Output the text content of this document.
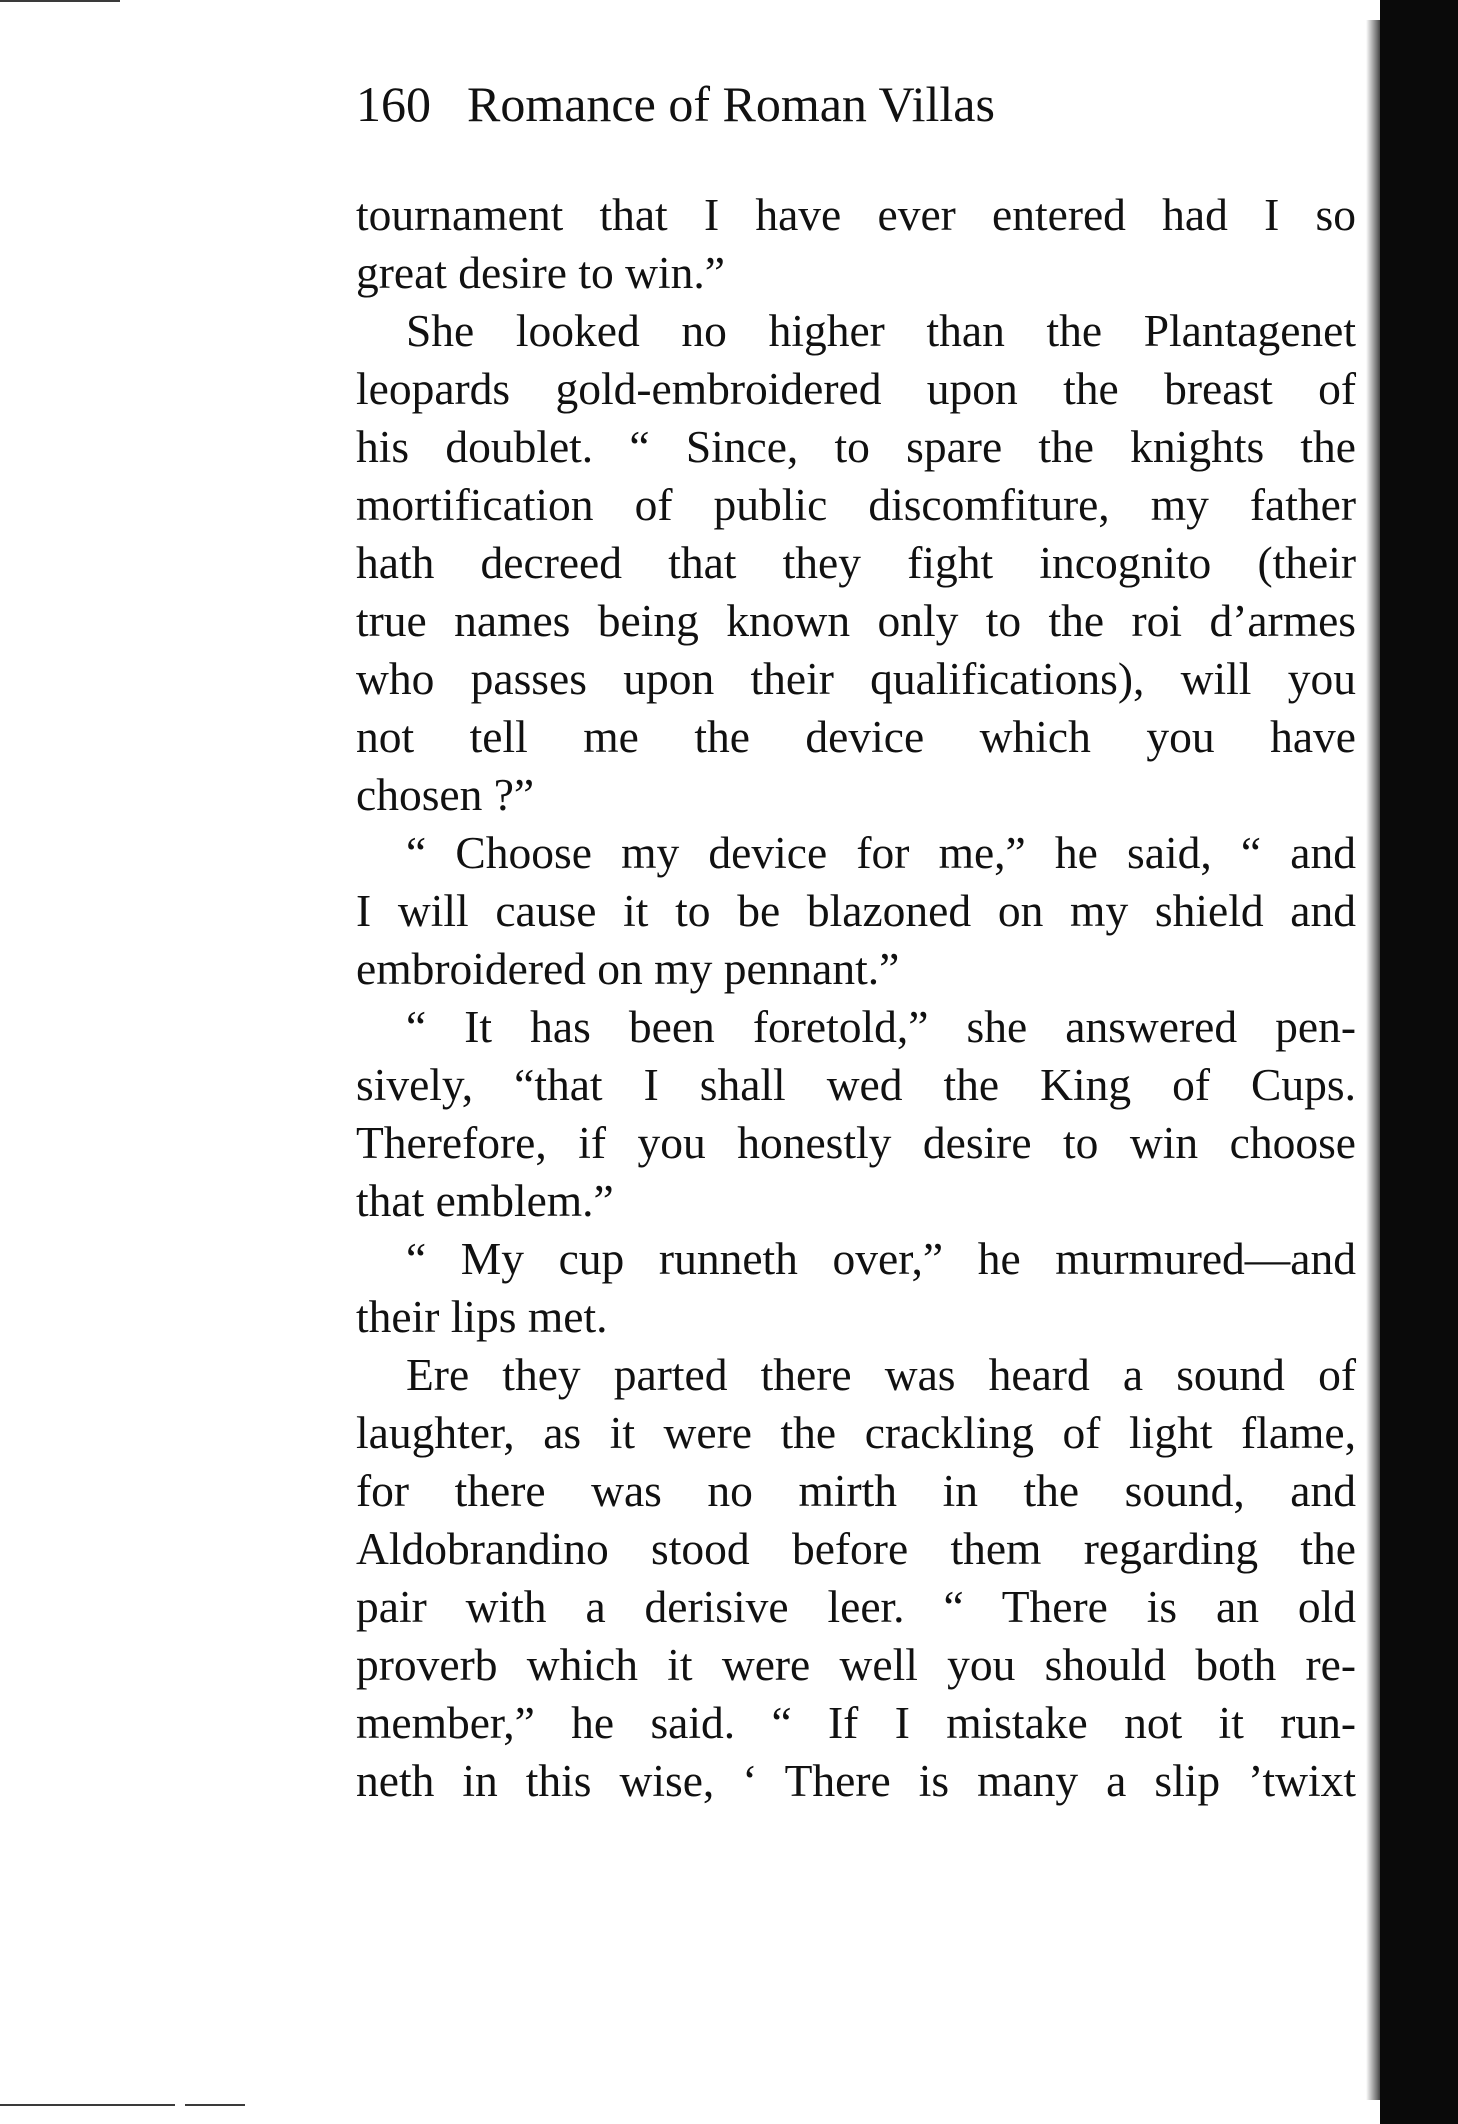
160 Romance of Roman Villas
tournament that I have ever entered had I so
great desire to win.”
She looked no higher than the Plantagenet
leopards gold-embroidered upon the breast of
his doublet. “ Since, to spare the knights the
mortification of public discomfiture, my father
hath decreed that they fight incognito (their
true names being known only to the roi d’armes
who passes upon their qualifications), will you
not tell me the device which you have
chosen ?”
“ Choose my device for me,” he said, “ and
I will cause it to be blazoned on my shield and
embroidered on my pennant.”
“ It has been foretold,” she answered pen-
sively, “that I shall wed the King of Cups.
Therefore, if you honestly desire to win choose
that emblem.”
“ My cup runneth over,” he murmured—and
their lips met.
Ere they parted there was heard a sound of
laughter, as it were the crackling of light flame,
for there was no mirth in the sound, and
Aldobrandino stood before them regarding the
pair with a derisive leer. “ There is an old
proverb which it were well you should both re-
member,” he said. “ If I mistake not it run-
neth in this wise, ‘ There is many a slip ’twixt
